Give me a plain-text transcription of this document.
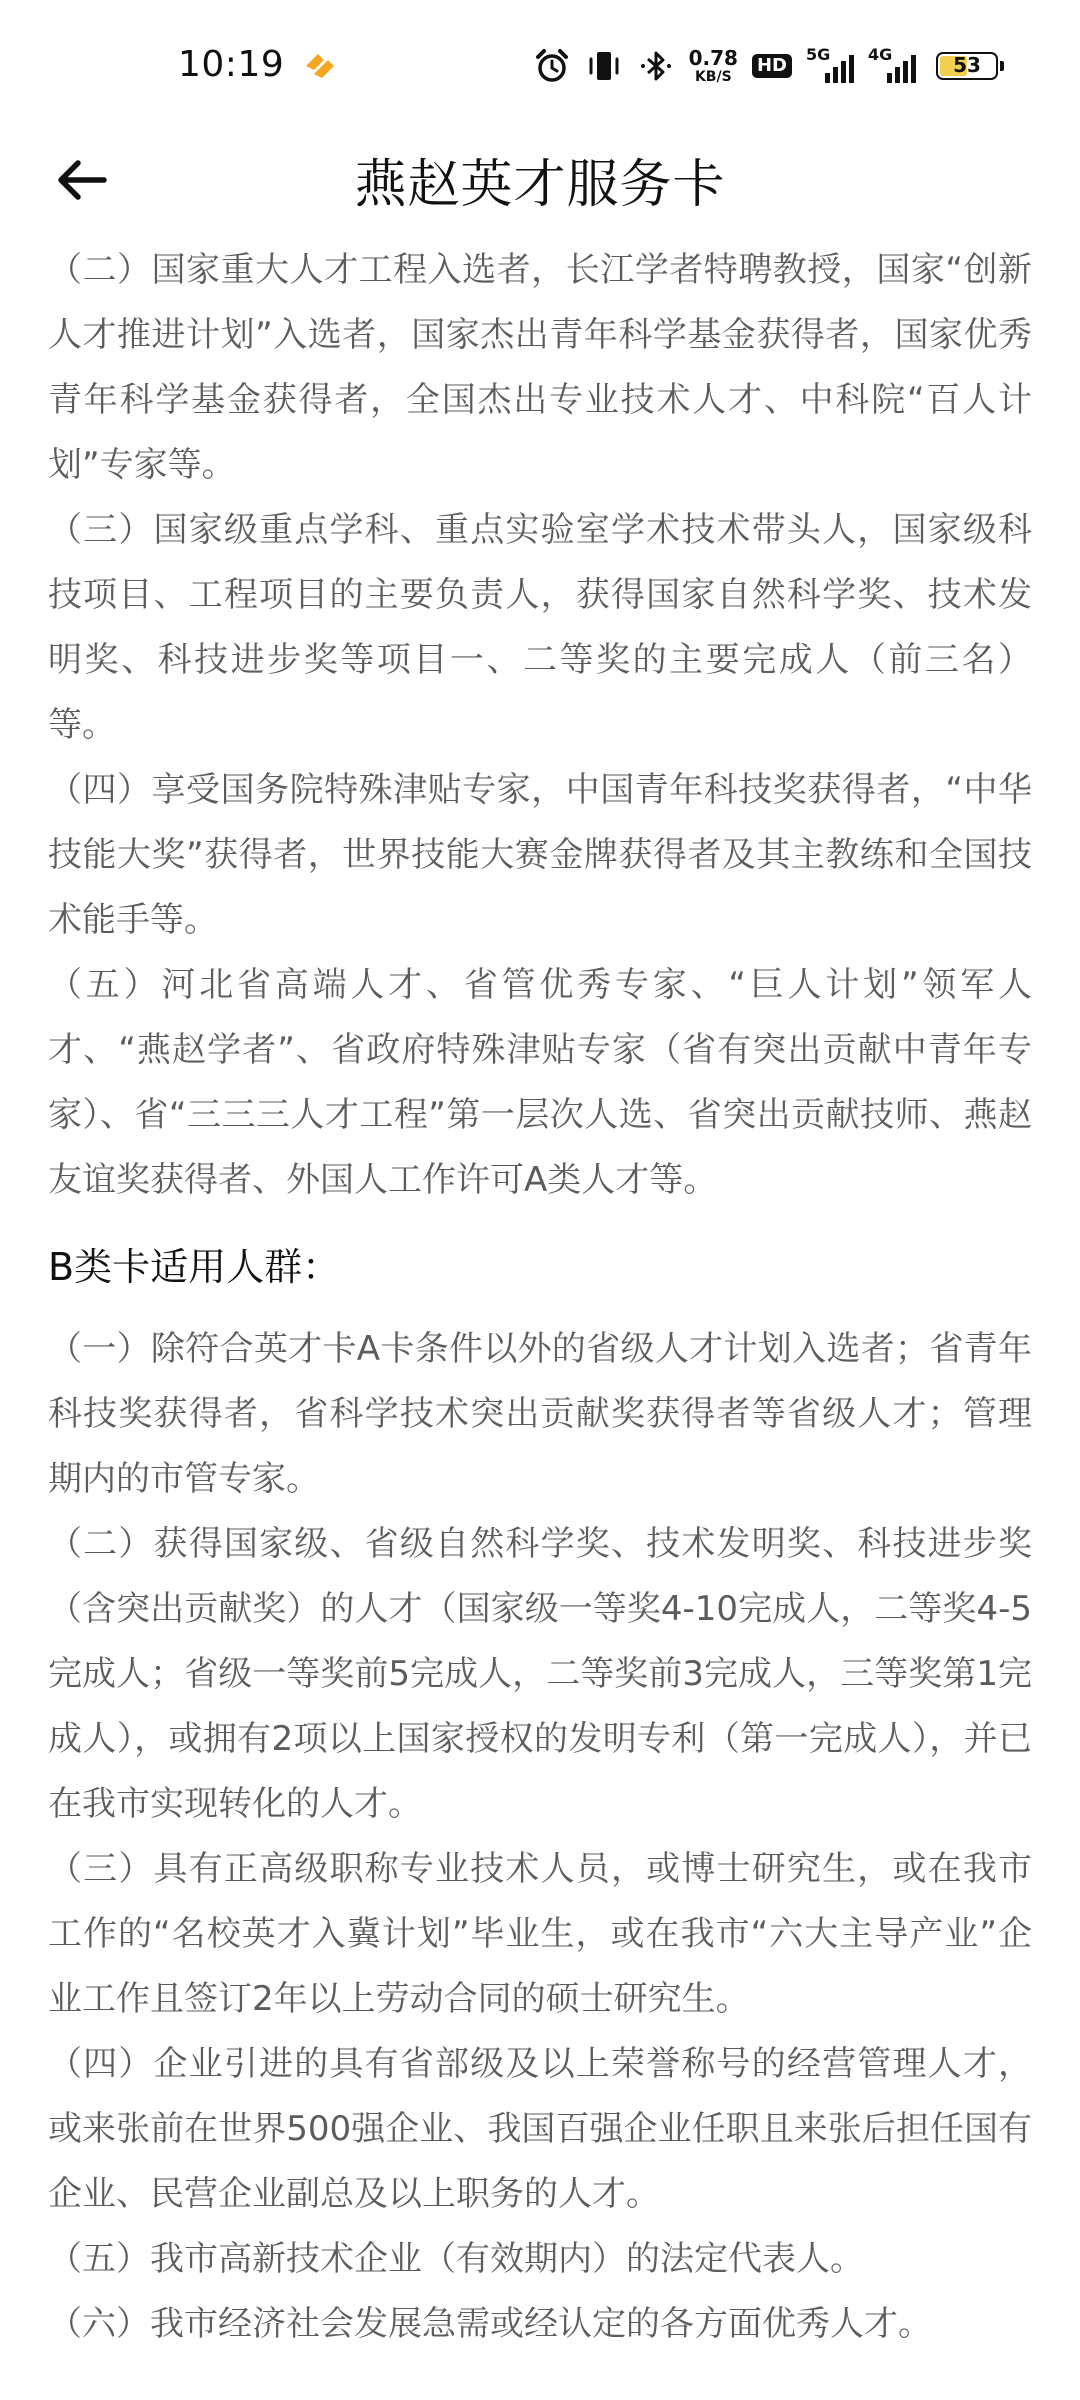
10:19	0.78
KB/S
HD
5G 4G	53
燕赵英才服务卡

（二）国家重大人才工程入选者，长江学者特聘教授，国家“创新人才推进计划”入选者，国家杰出青年科学基金获得者，国家优秀青年科学基金获得者，全国杰出专业技术人才、中科院“百人计划”专家等。

（三）国家级重点学科、重点实验室学术技术带头人，国家级科技项目、工程项目的主要负责人，获得国家自然科学奖、技术发明奖、科技进步奖等项目一、二等奖的主要完成人（前三名）等。

（四）享受国务院特殊津贴专家，中国青年科技奖获得者，“中华技能大奖”获得者，世界技能大赛金牌获得者及其主教练和全国技术能手等。

（五）河北省高端人才、省管优秀专家、“巨人计划”领军人才、“燕赵学者”、省政府特殊津贴专家（省有突出贡献中青年专家）、省“三三三人才工程”第一层次人选、省突出贡献技师、燕赵友谊奖获得者、外国人工作许可A类人才等。

B类卡适用人群：

（一）除符合英才卡A卡条件以外的省级人才计划入选者；省青年科技奖获得者，省科学技术突出贡献奖获得者等省级人才；管理期内的市管专家。

（二）获得国家级、省级自然科学奖、技术发明奖、科技进步奖（含突出贡献奖）的人才（国家级一等奖4-10完成人，二等奖4-5完成人；省级一等奖前5完成人，二等奖前3完成人，三等奖第1完成人），或拥有2项以上国家授权的发明专利（第一完成人），并已在我市实现转化的人才。

（三）具有正高级职称专业技术人员，或博士研究生，或在我市工作的“名校英才入冀计划”毕业生，或在我市“六大主导产业”企业工作且签订2年以上劳动合同的硕士研究生。

（四）企业引进的具有省部级及以上荣誉称号的经营管理人才，或来张前在世界500强企业、我国百强企业任职且来张后担任国有企业、民营企业副总及以上职务的人才。

（五）我市高新技术企业（有效期内）的法定代表人。

（六）我市经济社会发展急需或经认定的各方面优秀人才。
